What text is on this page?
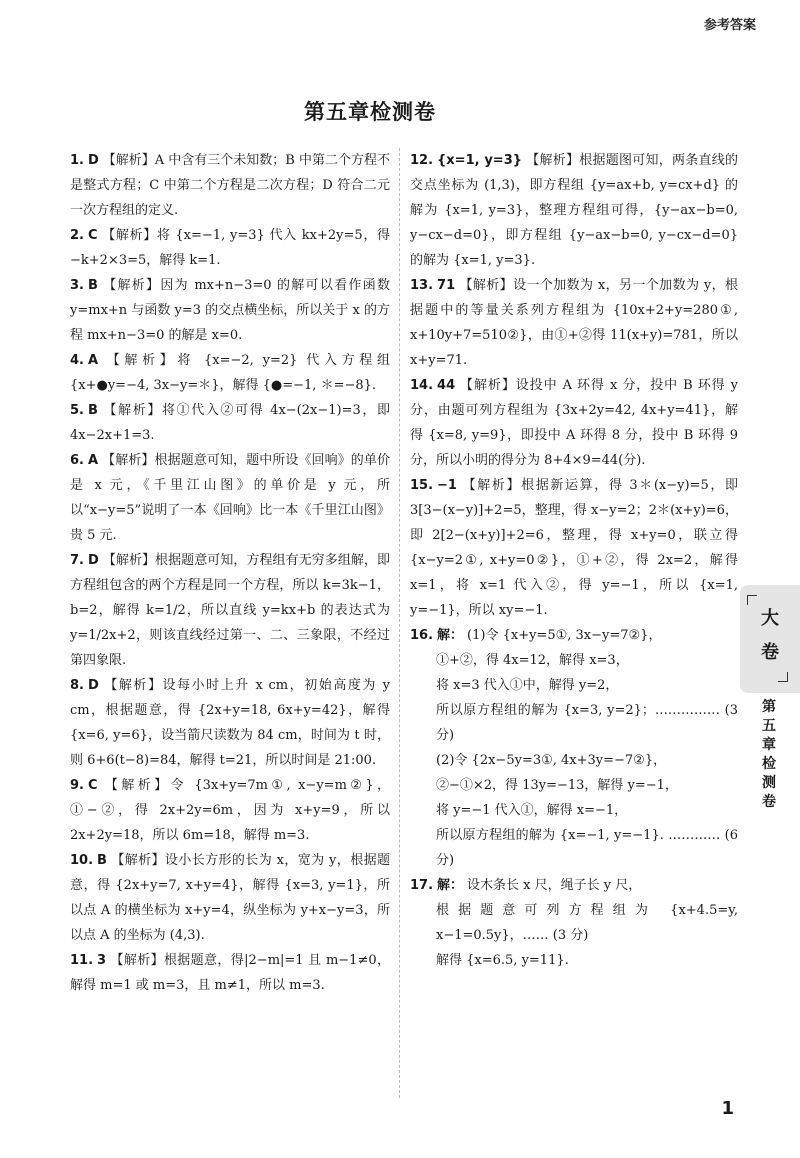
参考答案
第五章检测卷
1. D 【解析】A 中含有三个未知数；B 中第二个方程不是整式方程；C 中第二个方程是二次方程；D 符合二元一次方程组的定义.
2. C 【解析】将 {x=−1, y=3} 代入 kx+2y=5，得−k+2×3=5，解得 k=1.
3. B 【解析】因为 mx+n−3=0 的解可以看作函数 y=mx+n 与函数 y=3 的交点横坐标，所以关于 x 的方程 mx+n−3=0 的解是 x=0.
4. A 【解析】将 {x=−2, y=2} 代入方程组 {x+●y=−4, 3x−y=＊}，解得 {●=−1, ＊=−8}.
5. B 【解析】将①代入②可得 4x−(2x−1)=3，即 4x−2x+1=3.
6. A 【解析】根据题意可知，题中所设《回响》的单价是 x 元，《千里江山图》的单价是 y 元，所以“x−y=5”说明了一本《回响》比一本《千里江山图》贵 5 元.
7. D 【解析】根据题意可知，方程组有无穷多组解，即方程组包含的两个方程是同一个方程，所以 k=3k−1，b=2，解得 k=1/2，所以直线 y=kx+b 的表达式为 y=1/2x+2，则该直线经过第一、二、三象限，不经过第四象限.
8. D 【解析】设每小时上升 x cm，初始高度为 y cm，根据题意，得 {2x+y=18, 6x+y=42}，解得 {x=6, y=6}，设当箭尺读数为 84 cm，时间为 t 时，则 6+6(t−8)=84，解得 t=21，所以时间是 21:00.
9. C 【解析】令 {3x+y=7m①, x−y=m②}，①−②，得 2x+2y=6m，因为 x+y=9，所以 2x+2y=18，所以 6m=18，解得 m=3.
10. B 【解析】设小长方形的长为 x，宽为 y，根据题意，得 {2x+y=7, x+y=4}，解得 {x=3, y=1}，所以点 A 的横坐标为 x+y=4，纵坐标为 y+x−y=3，所以点 A 的坐标为 (4,3).
11. 3 【解析】根据题意，得|2−m|=1 且 m−1≠0，解得 m=1 或 m=3，且 m≠1，所以 m=3.
12. {x=1, y=3} 【解析】根据题图可知，两条直线的交点坐标为 (1,3)，即方程组 {y=ax+b, y=cx+d} 的解为 {x=1, y=3}，整理方程组可得，{y−ax−b=0, y−cx−d=0}，即方程组 {y−ax−b=0, y−cx−d=0} 的解为 {x=1, y=3}.
13. 71 【解析】设一个加数为 x，另一个加数为 y，根据题中的等量关系列方程组为 {10x+2+y=280①, x+10y+7=510②}，由①+②得 11(x+y)=781，所以 x+y=71.
14. 44 【解析】设投中 A 环得 x 分，投中 B 环得 y 分，由题可列方程组为 {3x+2y=42, 4x+y=41}，解得 {x=8, y=9}，即投中 A 环得 8 分，投中 B 环得 9 分，所以小明的得分为 8+4×9=44(分).
15. −1 【解析】根据新运算，得 3＊(x−y)=5，即 3[3−(x−y)]+2=5，整理，得 x−y=2；2＊(x+y)=6，即 2[2−(x+y)]+2=6，整理，得 x+y=0，联立得 {x−y=2①, x+y=0②}，①+②，得 2x=2，解得 x=1，将 x=1 代入②，得 y=−1，所以 {x=1, y=−1}，所以 xy=−1.
16. 解： (1)令 {x+y=5①, 3x−y=7②}，

①+②，得 4x=12，解得 x=3，

将 x=3 代入①中，解得 y=2，

所以原方程组的解为 {x=3, y=2}；…………… (3 分)

(2)令 {2x−5y=3①, 4x+3y=−7②}，

②−①×2，得 13y=−13，解得 y=−1，

将 y=−1 代入①，解得 x=−1，

所以原方程组的解为 {x=−1, y=−1}. ………… (6 分)

17. 解： 设木条长 x 尺，绳子长 y 尺，

根据题意可列方程组为 {x+4.5=y, x−1=0.5y}，…… (3 分)

解得 {x=6.5, y=11}.

大卷
第五章检测卷
1
